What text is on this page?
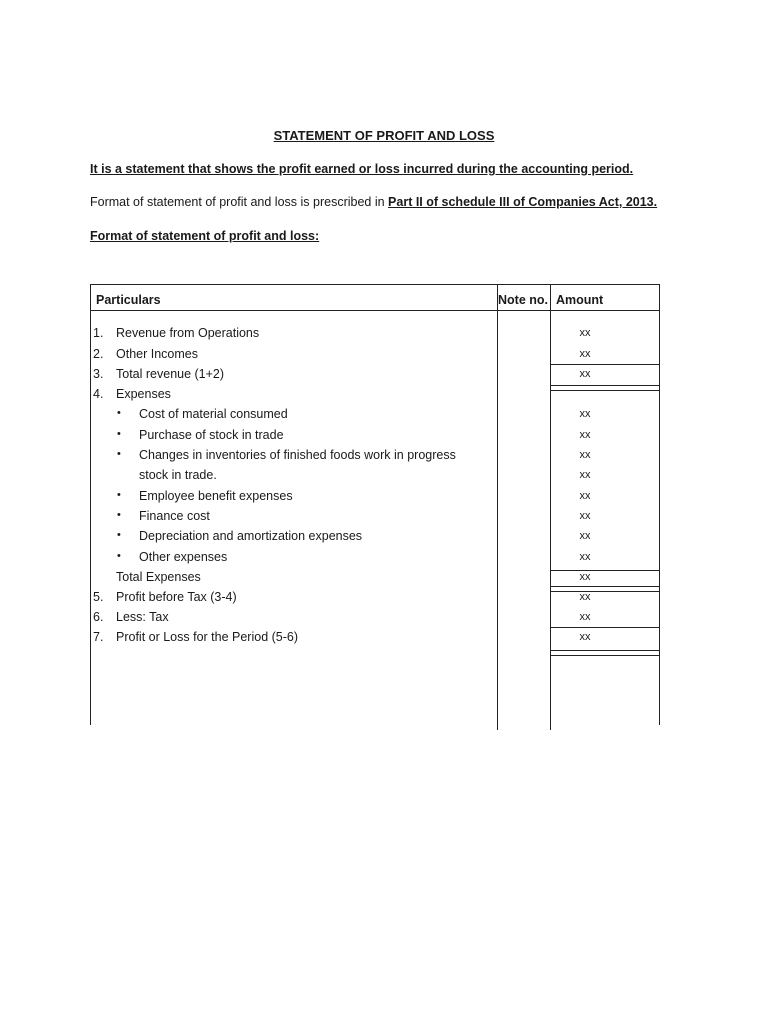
STATEMENT OF PROFIT AND LOSS
It is a statement that shows the profit earned or loss incurred during the accounting period.
Format of statement of profit and loss is prescribed in Part II of schedule III of Companies Act, 2013.
Format of statement of profit and loss:
Particulars	Note no. Amount
1. Revenue from Operations	xx
2. Other Incomes	xx
3. Total revenue (1+2)	xx
4. Expenses
• Cost of material consumed	xx
• Purchase of stock in trade	xx
• Changes in inventories of finished foods work in progress	xx
stock in trade.	xx
• Employee benefit expenses	xx
• Finance cost	xx
• Depreciation and amortization expenses	xx
• Other expenses	xx
Total Expenses	xx
5. Profit before Tax (3-4)	xx
6. Less: Tax	xx
7. Profit or Loss for the Period (5-6)	xx
